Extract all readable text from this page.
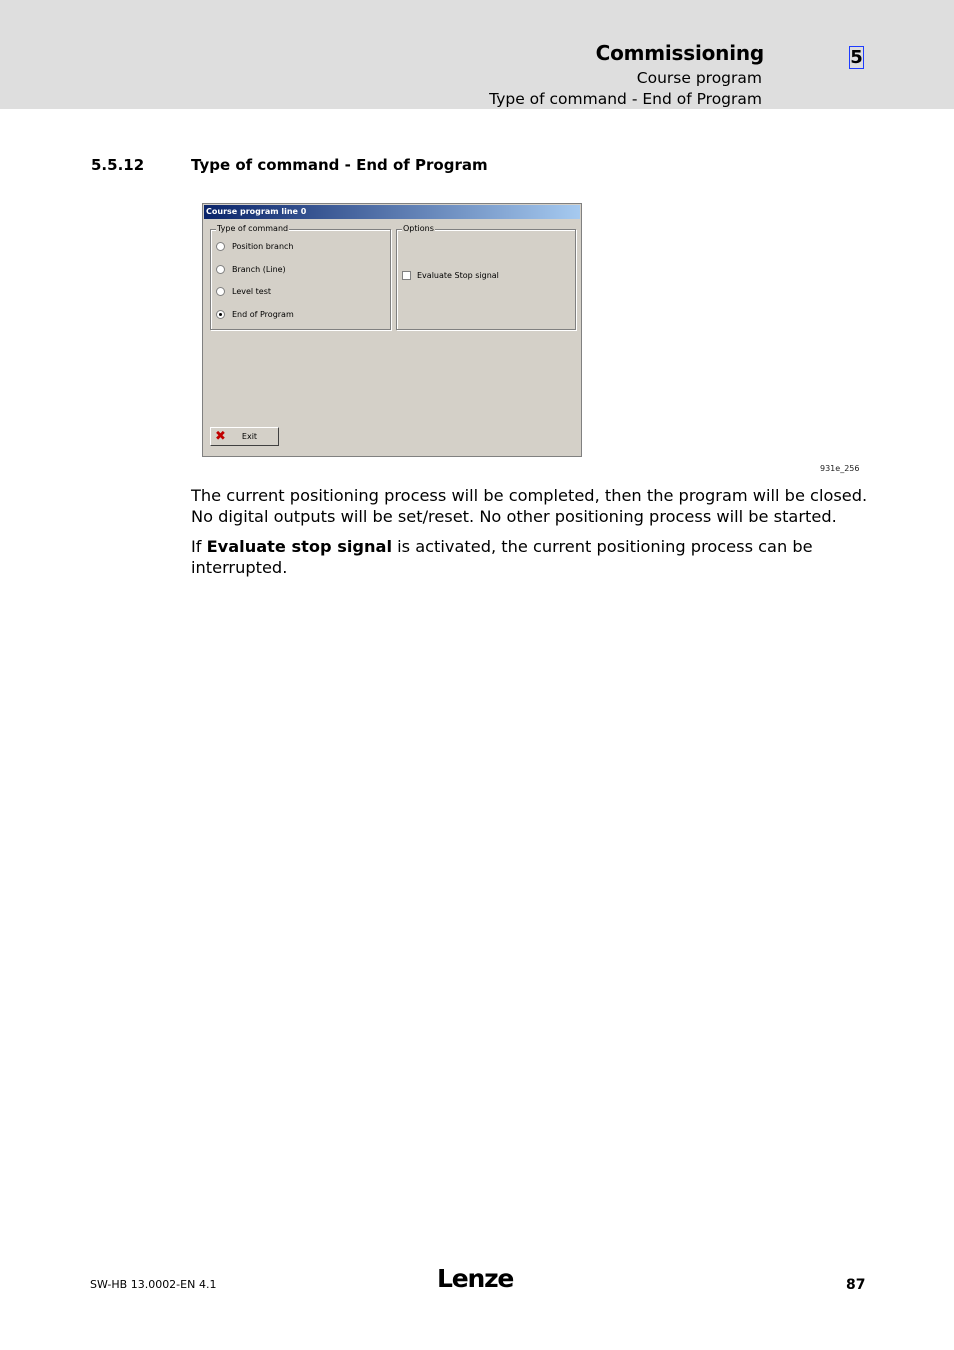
Commissioning
Course program
Type of command - End of Program
5
5.5.12	Type of command - End of Program
Course program line 0
Type of command
Position branch
Branch (Line)
Level test
End of Program
Options
Evaluate Stop signal
✖ Exit
931e_256
The current positioning process will be completed, then the program will be closed. No digital outputs will be set/reset. No other positioning process will be started.
If Evaluate stop signal is activated, the current positioning process can be interrupted.
SW-HB 13.0002-EN 4.1	Lenze	87
